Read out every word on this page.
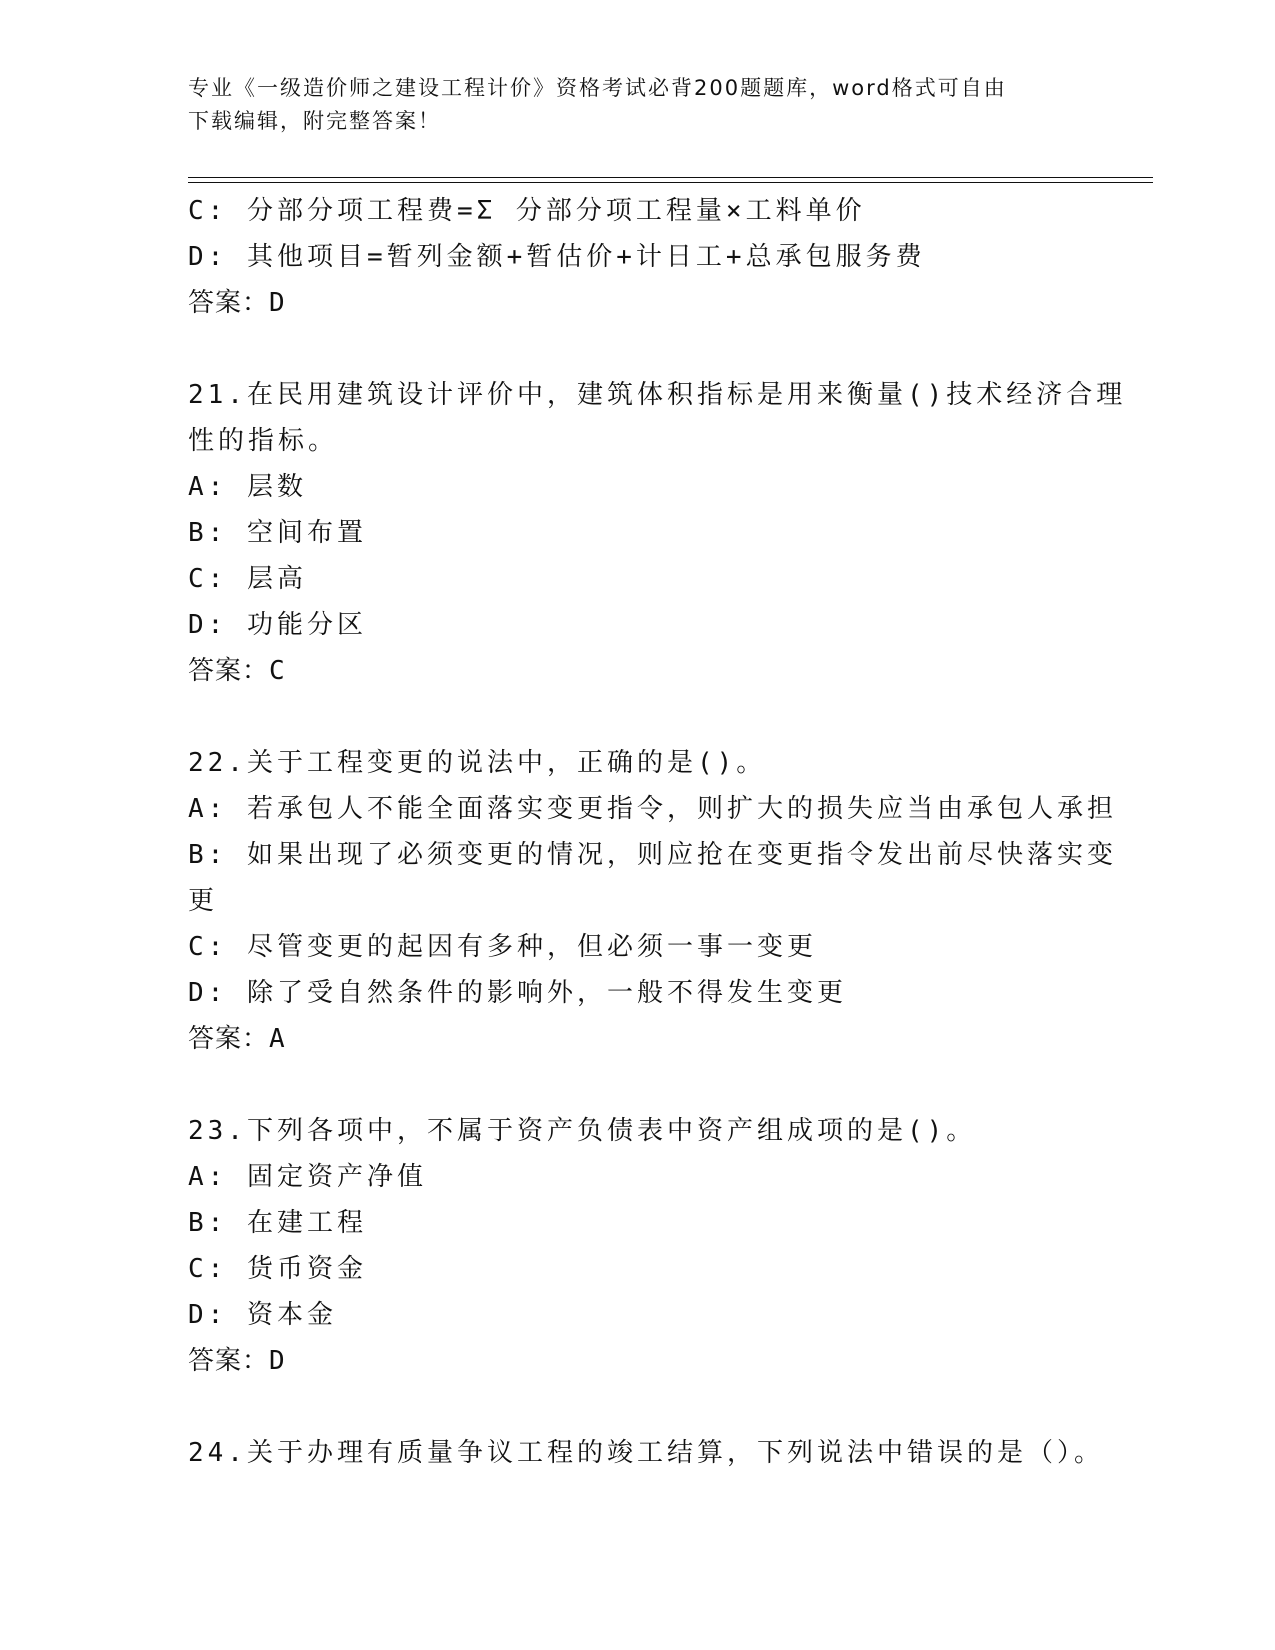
专业《一级造价师之建设工程计价》资格考试必背200题题库，word格式可自由
下载编辑，附完整答案！
C: 分部分项工程费=Σ 分部分项工程量×工料单价
D: 其他项目=暂列金额+暂估价+计日工+总承包服务费
答案：D
21.在民用建筑设计评价中，建筑体积指标是用来衡量()技术经济合理
性的指标。
A: 层数
B: 空间布置
C: 层高
D: 功能分区
答案：C
22.关于工程变更的说法中，正确的是()。
A: 若承包人不能全面落实变更指令，则扩大的损失应当由承包人承担
B: 如果出现了必须变更的情况，则应抢在变更指令发出前尽快落实变
更
C: 尽管变更的起因有多种，但必须一事一变更
D: 除了受自然条件的影响外，一般不得发生变更
答案：A
23.下列各项中，不属于资产负债表中资产组成项的是()。
A: 固定资产净值
B: 在建工程
C: 货币资金
D: 资本金
答案：D
24.关于办理有质量争议工程的竣工结算，下列说法中错误的是（）。
